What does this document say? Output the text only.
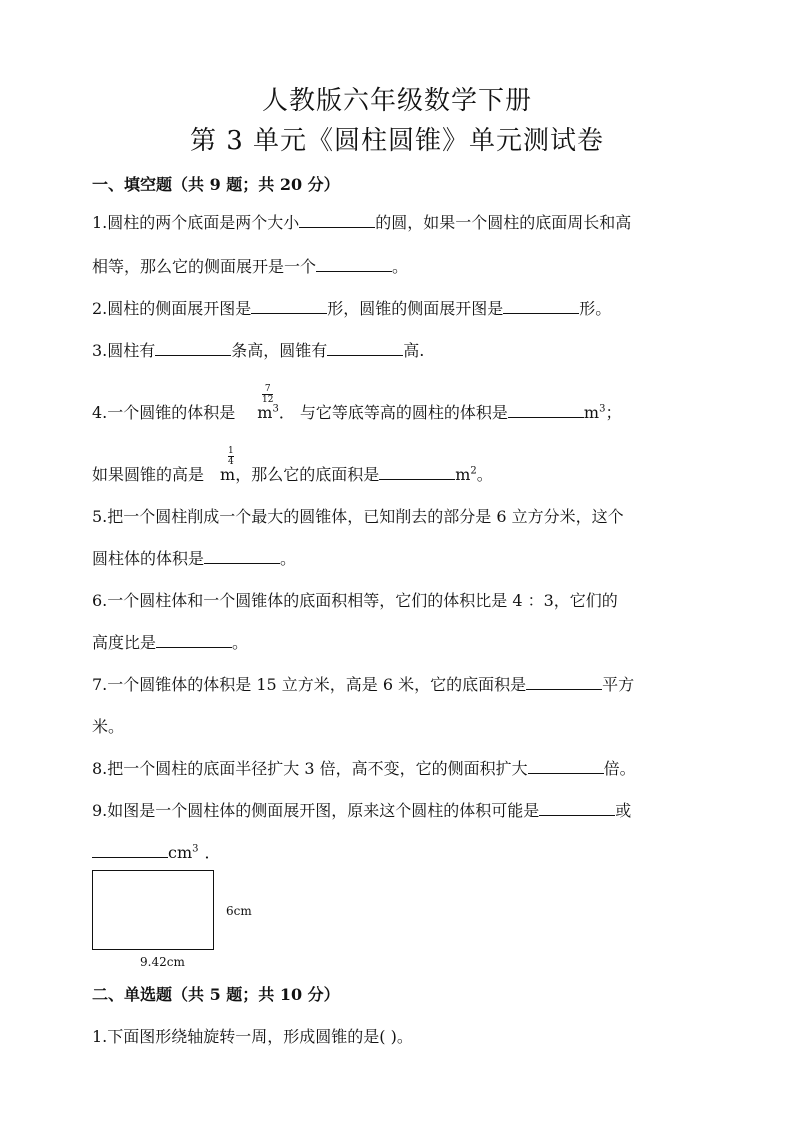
人教版六年级数学下册
第 3 单元《圆柱圆锥》单元测试卷
一、填空题（共 9 题；共 20 分）
1.圆柱的两个底面是两个大小	的圆，如果一个圆柱的底面周长和高
相等，那么它的侧面展开是一个	。
2.圆柱的侧面展开图是	形，圆锥的侧面展开图是	形。
3.圆柱有	条高，圆锥有	高.
4.一个圆锥的体积是 $m^3$． 与它等底等高的圆柱的体积是	$m^3$；
$\frac{7}{12}$
如果圆锥的高是 m，那么它的底面积是	$m^2$。
$\frac{1}{4}$
5.把一个圆柱削成一个最大的圆锥体，已知削去的部分是 6 立方分米，这个
圆柱体的体积是	。
6.一个圆柱体和一个圆锥体的底面积相等，它们的体积比是 4 ：3，它们的
高度比是	。
7.一个圆锥体的体积是 15 立方米，高是 6 米，它的底面积是	平方
米。
8.把一个圆柱的底面半径扩大 3 倍，高不变，它的侧面积扩大	倍。
9.如图是一个圆柱体的侧面展开图，原来这个圆柱的体积可能是	或
$cm^3$ ．
6cm
9.42cm
二、单选题（共 5 题；共 10 分）
1.下面图形绕轴旋转一周，形成圆锥的是( )。
